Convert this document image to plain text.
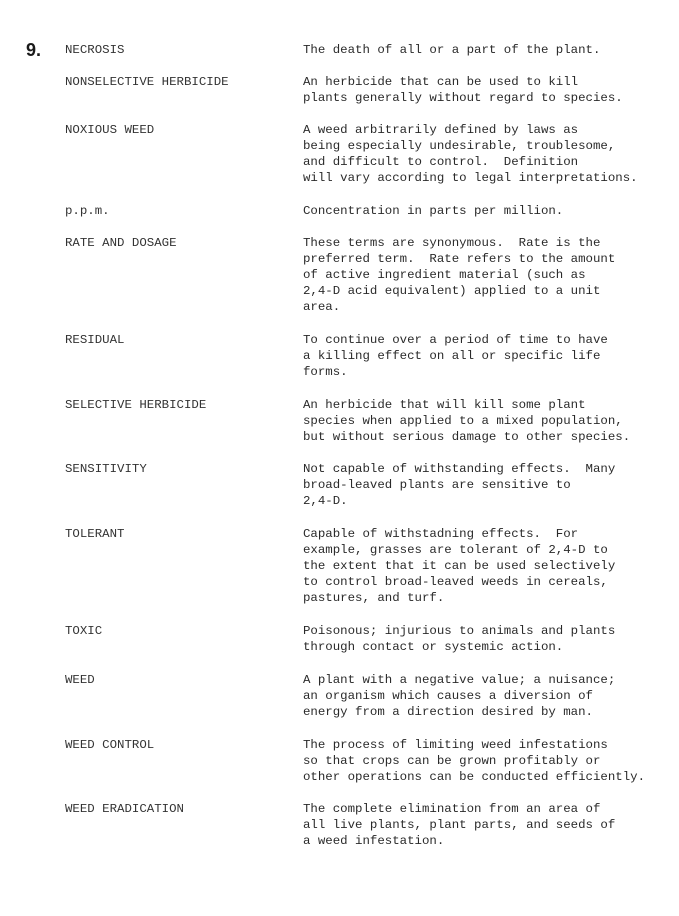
9. NECROSIS	The death of all or a part of the plant.
NONSELECTIVE HERBICIDE	An herbicide that can be used to kill
plants generally without regard to species.
NOXIOUS WEED	A weed arbitrarily defined by laws as
being especially undesirable, troublesome,
and difficult to control.  Definition
will vary according to legal interpretations.
p.p.m.	Concentration in parts per million.
RATE AND DOSAGE	These terms are synonymous.  Rate is the
preferred term.  Rate refers to the amount
of active ingredient material (such as
2,4-D acid equivalent) applied to a unit
area.
RESIDUAL	To continue over a period of time to have
a killing effect on all or specific life
forms.
SELECTIVE HERBICIDE	An herbicide that will kill some plant
species when applied to a mixed population,
but without serious damage to other species.
SENSITIVITY	Not capable of withstanding effects.  Many
broad-leaved plants are sensitive to
2,4-D.
TOLERANT	Capable of withstadning effects.  For
example, grasses are tolerant of 2,4-D to
the extent that it can be used selectively
to control broad-leaved weeds in cereals,
pastures, and turf.
TOXIC	Poisonous; injurious to animals and plants
through contact or systemic action.
WEED	A plant with a negative value; a nuisance;
an organism which causes a diversion of
energy from a direction desired by man.
WEED CONTROL	The process of limiting weed infestations
so that crops can be grown profitably or
other operations can be conducted efficiently.
WEED ERADICATION	The complete elimination from an area of
all live plants, plant parts, and seeds of
a weed infestation.
